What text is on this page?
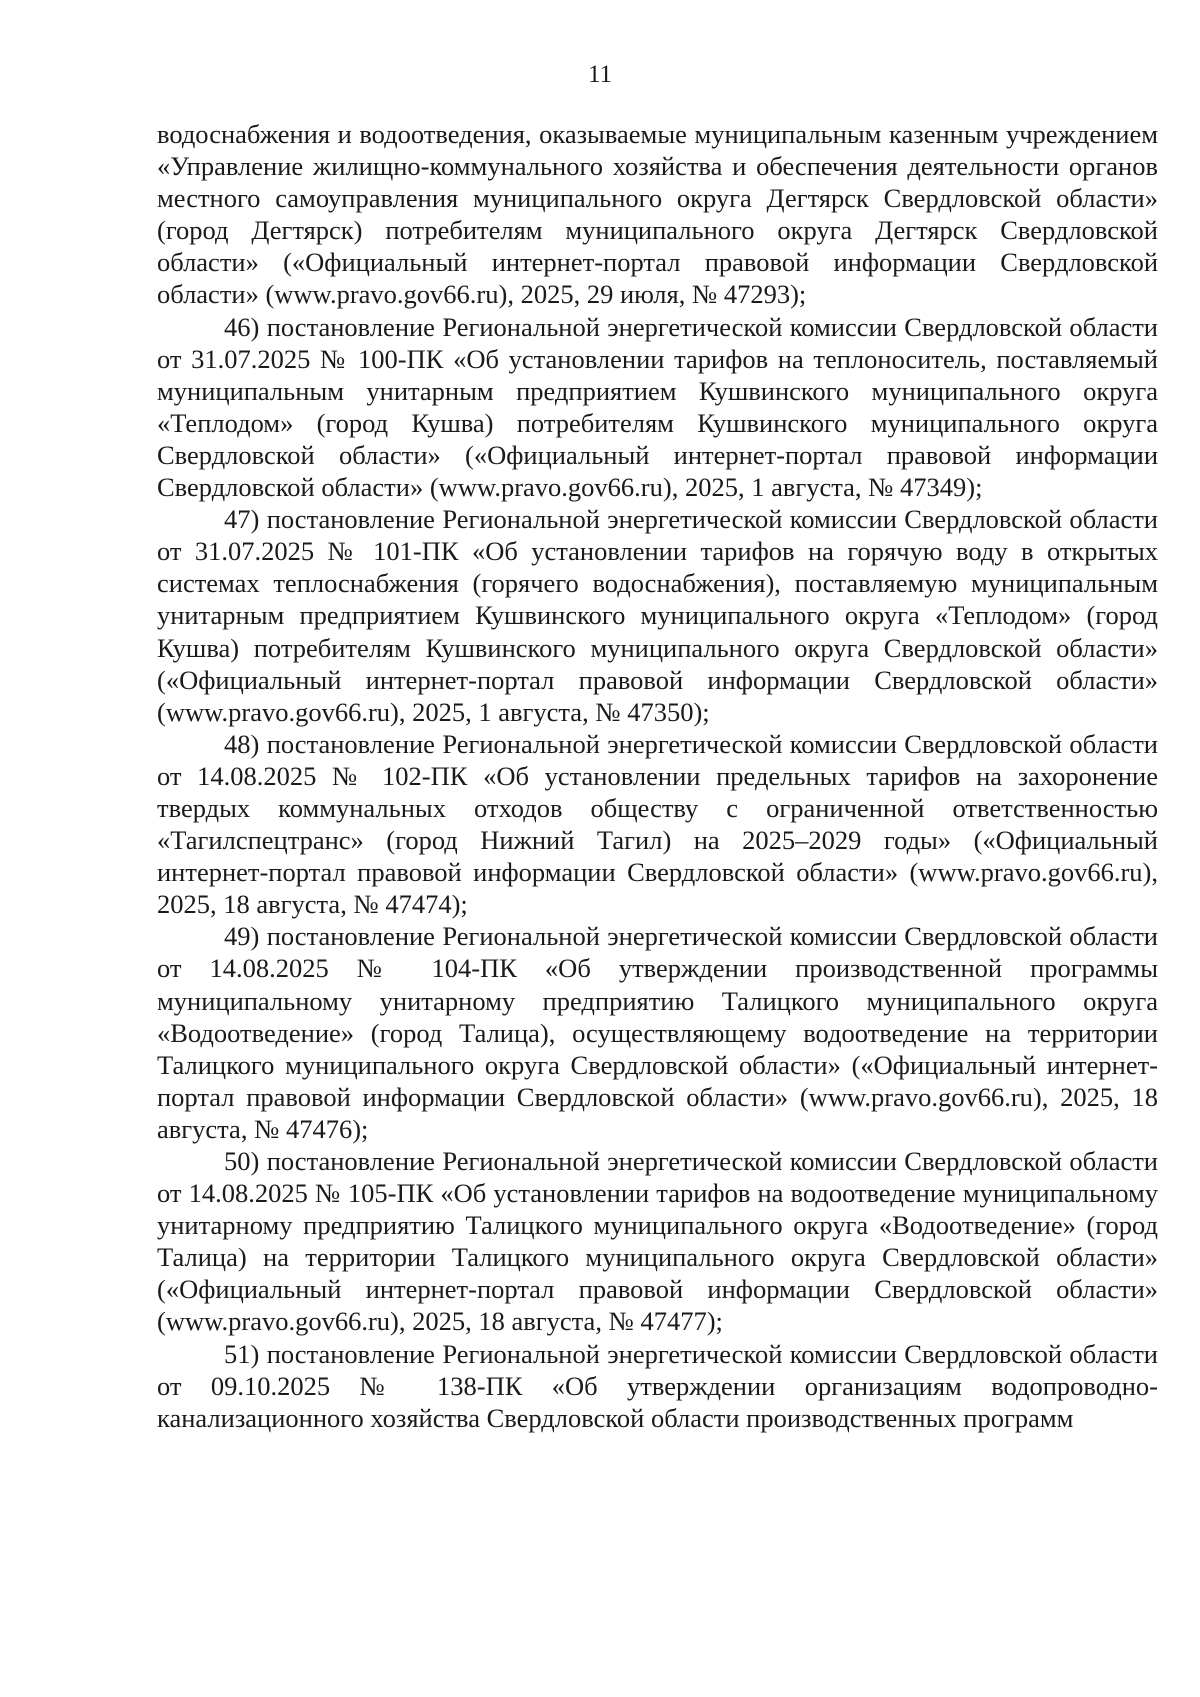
11

водоснабжения и водоотведения, оказываемые муниципальным казенным учреждением «Управление жилищно-коммунального хозяйства и обеспечения деятельности органов местного самоуправления муниципального округа Дегтярск Свердловской области» (город Дегтярск) потребителям муниципального округа Дегтярск Свердловской области» («Официальный интернет-портал правовой информации Свердловской области» (www.pravo.gov66.ru), 2025, 29 июля, № 47293);

46) постановление Региональной энергетической комиссии Свердловской области от 31.07.2025 № 100-ПК «Об установлении тарифов на теплоноситель, поставляемый муниципальным унитарным предприятием Кушвинского муниципального округа «Теплодом» (город Кушва) потребителям Кушвинского муниципального округа Свердловской области» («Официальный интернет-портал правовой информации Свердловской области» (www.pravo.gov66.ru), 2025, 1 августа, № 47349);

47) постановление Региональной энергетической комиссии Свердловской области от 31.07.2025 № 101-ПК «Об установлении тарифов на горячую воду в открытых системах теплоснабжения (горячего водоснабжения), поставляемую муниципальным унитарным предприятием Кушвинского муниципального округа «Теплодом» (город Кушва) потребителям Кушвинского муниципального округа Свердловской области» («Официальный интернет-портал правовой информации Свердловской области» (www.pravo.gov66.ru), 2025, 1 августа, № 47350);

48) постановление Региональной энергетической комиссии Свердловской области от 14.08.2025 № 102-ПК «Об установлении предельных тарифов на захоронение твердых коммунальных отходов обществу с ограниченной ответственностью «Тагилспецтранс» (город Нижний Тагил) на 2025–2029 годы» («Официальный интернет-портал правовой информации Свердловской области» (www.pravo.gov66.ru), 2025, 18 августа, № 47474);

49) постановление Региональной энергетической комиссии Свердловской области от 14.08.2025 № 104-ПК «Об утверждении производственной программы муниципальному унитарному предприятию Талицкого муниципального округа «Водоотведение» (город Талица), осуществляющему водоотведение на территории Талицкого муниципального округа Свердловской области» («Официальный интернет-портал правовой информации Свердловской области» (www.pravo.gov66.ru), 2025, 18 августа, № 47476);

50) постановление Региональной энергетической комиссии Свердловской области от 14.08.2025 № 105-ПК «Об установлении тарифов на водоотведение муниципальному унитарному предприятию Талицкого муниципального округа «Водоотведение» (город Талица) на территории Талицкого муниципального округа Свердловской области» («Официальный интернет-портал правовой информации Свердловской области» (www.pravo.gov66.ru), 2025, 18 августа, № 47477);

51) постановление Региональной энергетической комиссии Свердловской области от 09.10.2025 № 138-ПК «Об утверждении организациям водопроводно-канализационного хозяйства Свердловской области производственных программ
